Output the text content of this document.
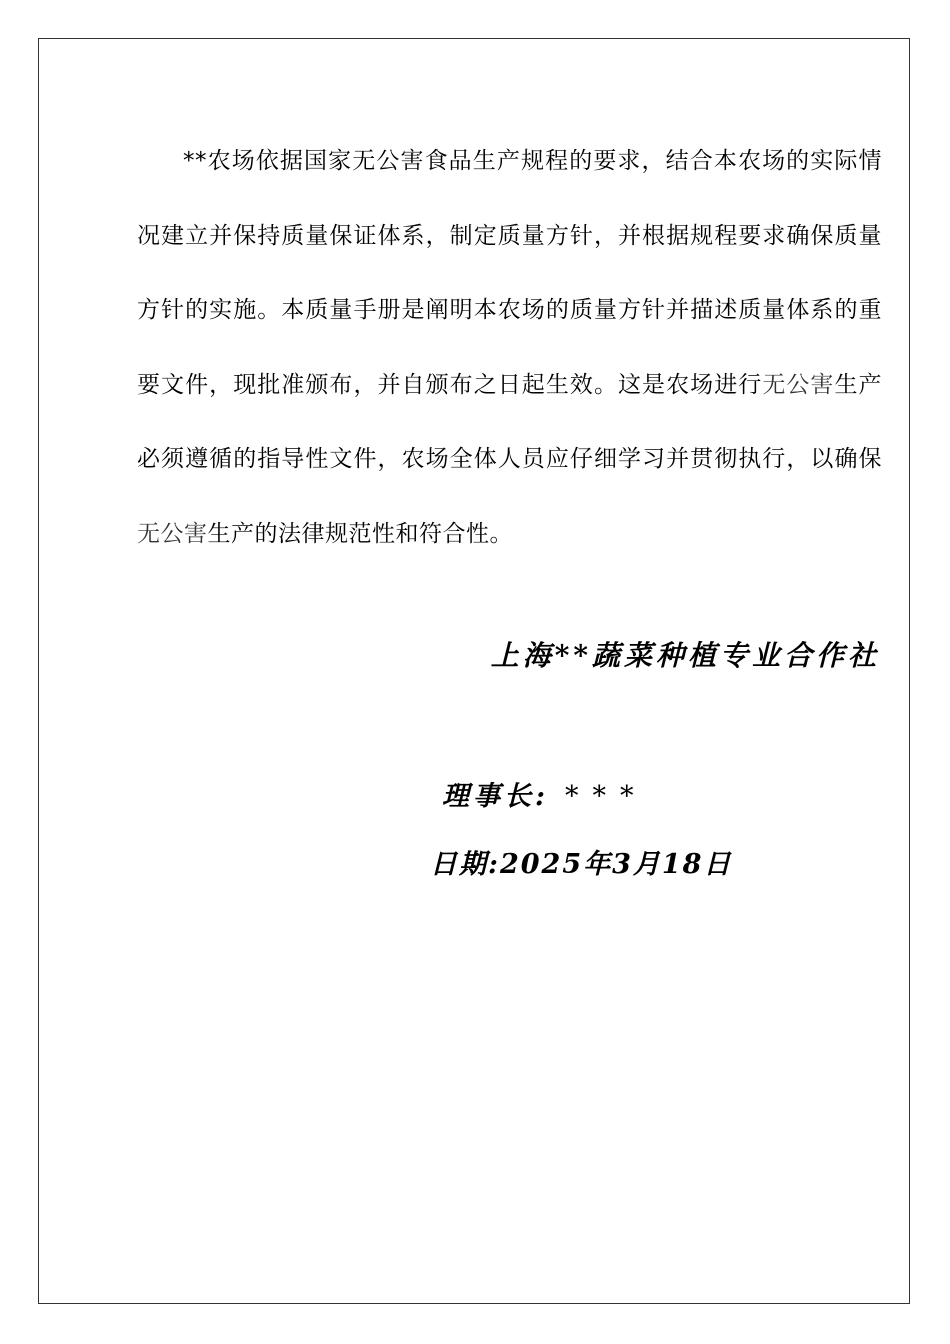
**农场依据国家无公害食品生产规程的要求，结合本农场的实际情况建立并保持质量保证体系，制定质量方针，并根据规程要求确保质量方针的实施。本质量手册是阐明本农场的质量方针并描述质量体系的重要文件，现批准颁布，并自颁布之日起生效。这是农场进行无公害生产必须遵循的指导性文件，农场全体人员应仔细学习并贯彻执行，以确保无公害生产的法律规范性和符合性。

上海**蔬菜种植专业合作社
理事长: ***
日期:2025年3月18日
